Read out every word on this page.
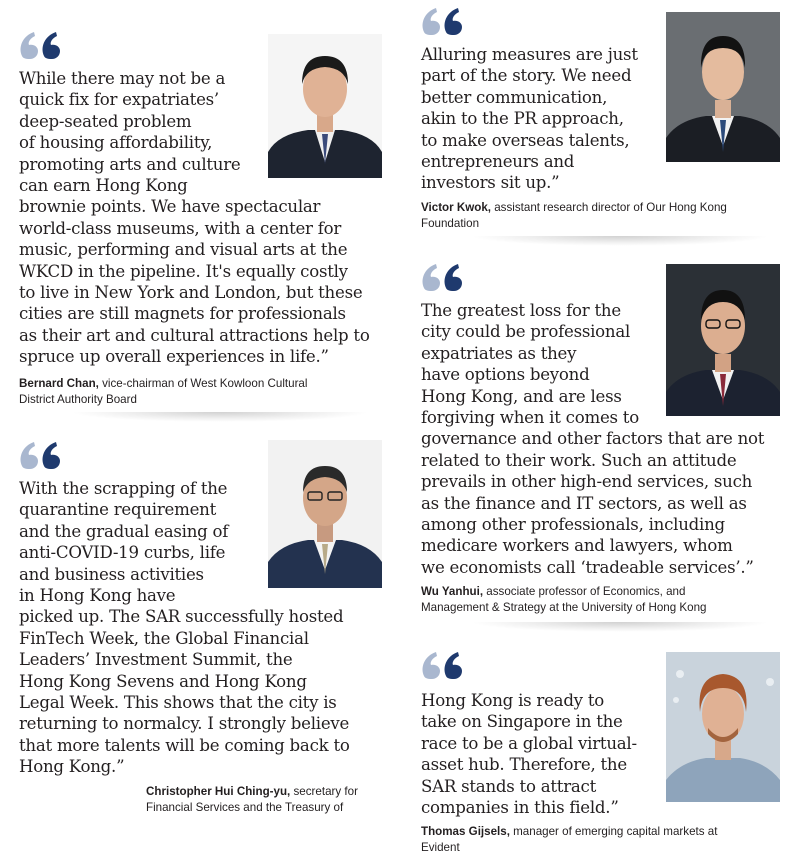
While there may not be a
quick fix for expatriates’
deep-seated problem
of housing affordability,
promoting arts and culture
can earn Hong Kong
brownie points. We have spectacular
world-class museums, with a center for
music, performing and visual arts at the
WKCD in the pipeline. It's equally costly
to live in New York and London, but these
cities are still magnets for professionals
as their art and cultural attractions help to
spruce up overall experiences in life.”
Bernard Chan, vice-chairman of West Kowloon Cultural
District Authority Board
With the scrapping of the
quarantine requirement
and the gradual easing of
anti-COVID-19 curbs, life
and business activities
in Hong Kong have
picked up. The SAR successfully hosted
FinTech Week, the Global Financial
Leaders’ Investment Summit, the
Hong Kong Sevens and Hong Kong
Legal Week. This shows that the city is
returning to normalcy. I strongly believe
that more talents will be coming back to
Hong Kong.”
Christopher Hui Ching-yu, secretary for
Financial Services and the Treasury of
Alluring measures are just
part of the story. We need
better communication,
akin to the PR approach,
to make overseas talents,
entrepreneurs and
investors sit up.”
Victor Kwok, assistant research director of Our Hong Kong
Foundation
The greatest loss for the
city could be professional
expatriates as they
have options beyond
Hong Kong, and are less
forgiving when it comes to
governance and other factors that are not
related to their work. Such an attitude
prevails in other high-end services, such
as the finance and IT sectors, as well as
among other professionals, including
medicare workers and lawyers, whom
we economists call ‘tradeable services’.”
Wu Yanhui, associate professor of Economics, and
Management & Strategy at the University of Hong Kong
Hong Kong is ready to
take on Singapore in the
race to be a global virtual-
asset hub. Therefore, the
SAR stands to attract
companies in this field.”
Thomas Gijsels, manager of emerging capital markets at
Evident
